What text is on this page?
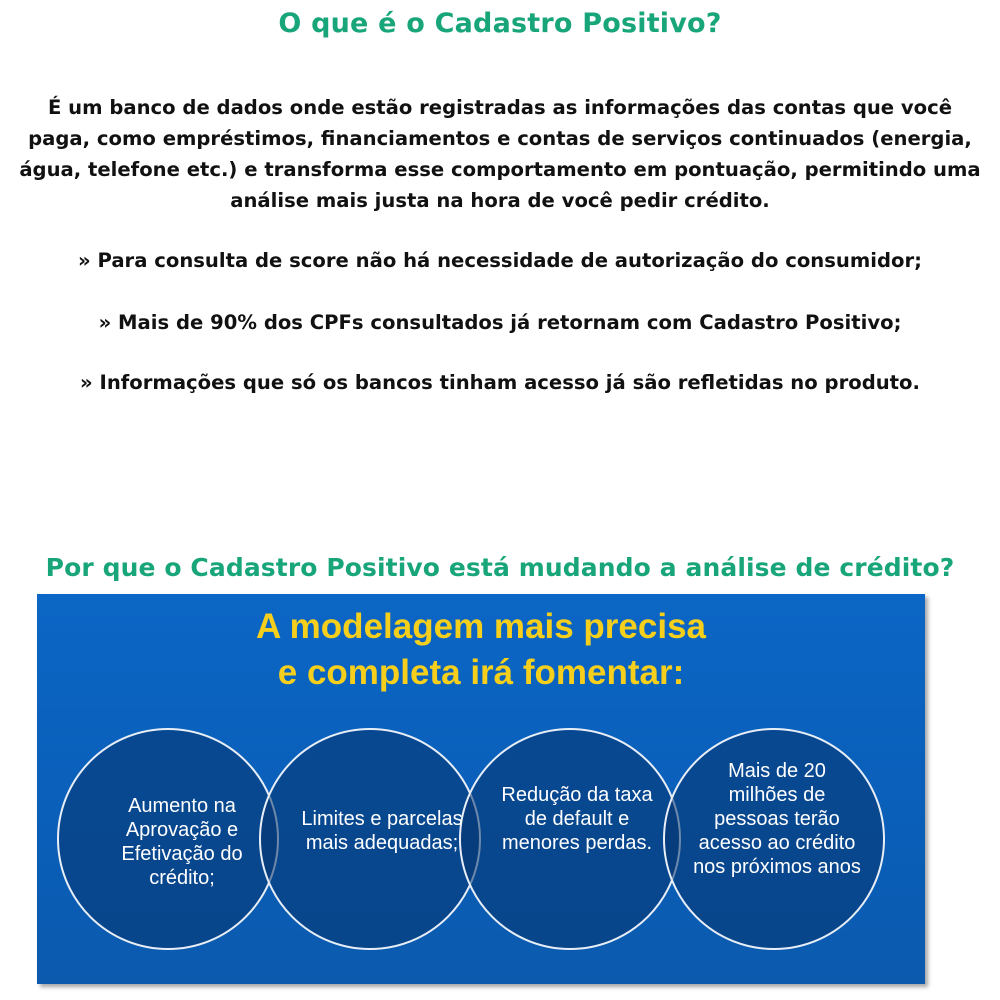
O que é o Cadastro Positivo?

É um banco de dados onde estão registradas as informações das contas que você paga, como empréstimos, financiamentos e contas de serviços continuados (energia, água, telefone etc.) e transforma esse comportamento em pontuação, permitindo uma análise mais justa na hora de você pedir crédito.

» Para consulta de score não há necessidade de autorização do consumidor;

» Mais de 90% dos CPFs consultados já retornam com Cadastro Positivo;

» Informações que só os bancos tinham acesso já são refletidas no produto.

Por que o Cadastro Positivo está mudando a análise de crédito?
A modelagem mais precisa
e completa irá fomentar:

Aumento na Aprovação e Efetivação do crédito;

Limites e parcelas mais adequadas;

Redução da taxa de default e menores perdas.

Mais de 20 milhões de pessoas terão acesso ao crédito nos próximos anos
